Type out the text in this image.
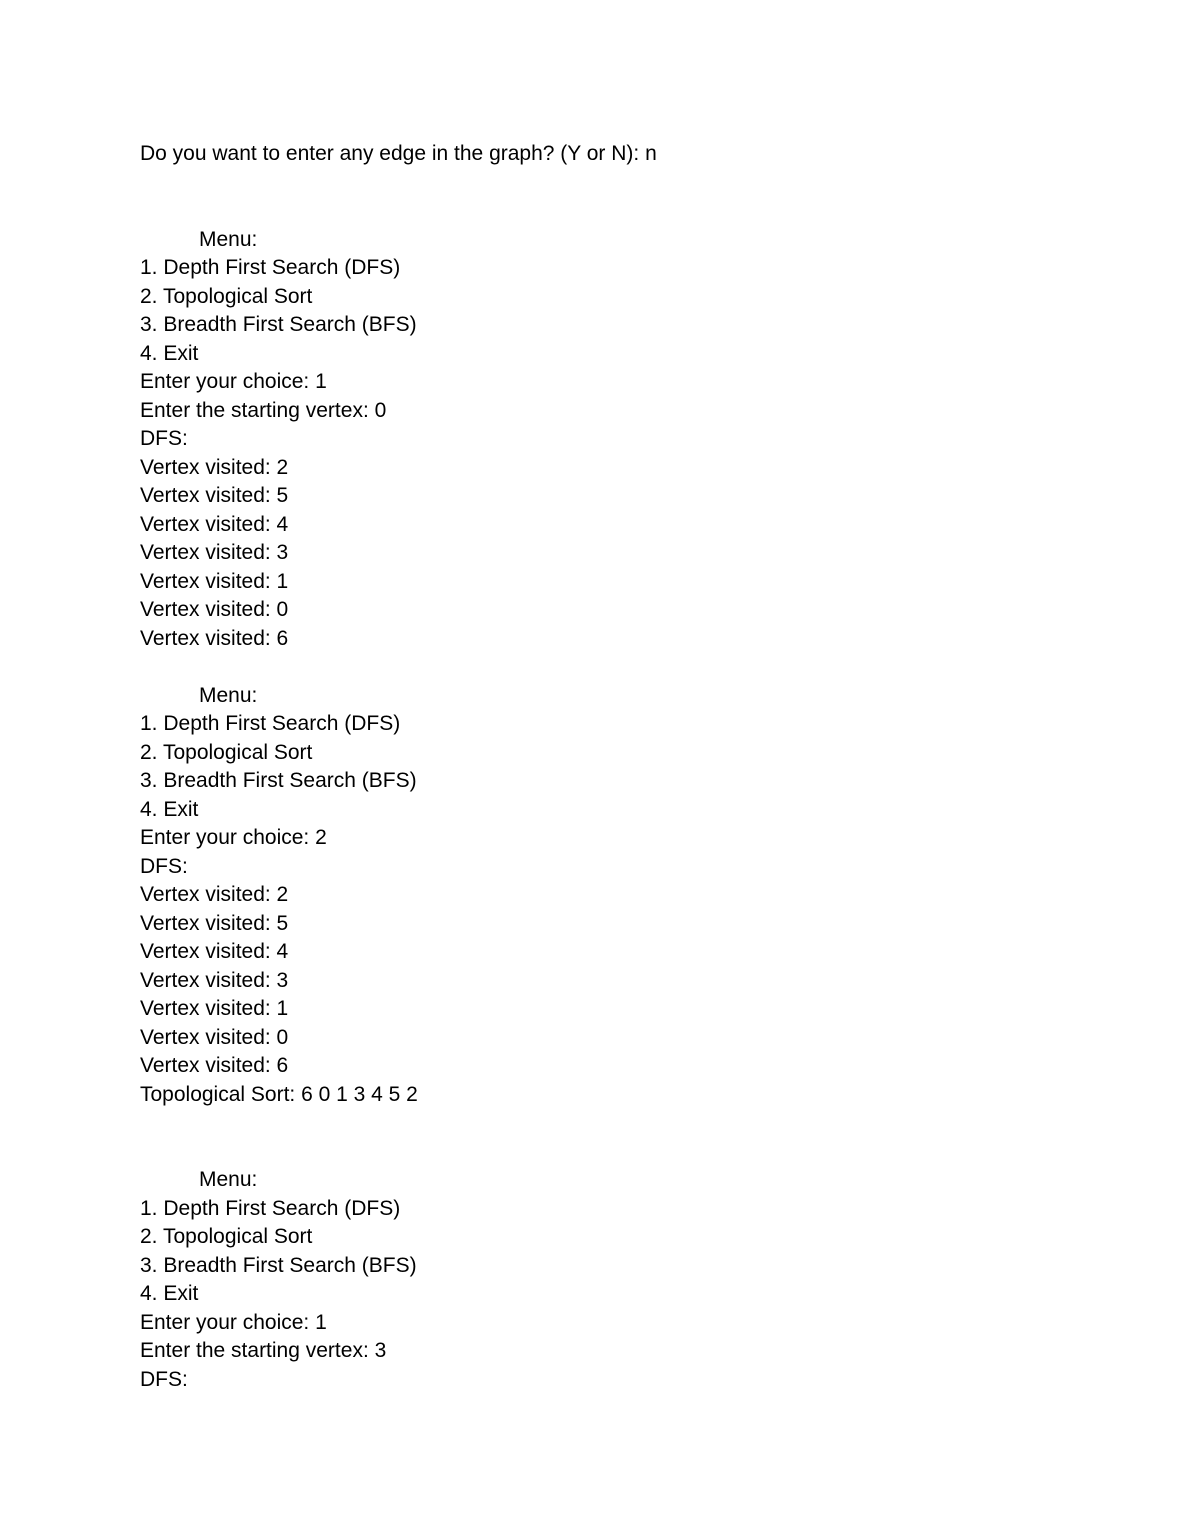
Do you want to enter any edge in the graph? (Y or N): n
Menu:
1. Depth First Search (DFS)
2. Topological Sort
3. Breadth First Search (BFS)
4. Exit
Enter your choice: 1
Enter the starting vertex: 0
DFS:
Vertex visited: 2
Vertex visited: 5
Vertex visited: 4
Vertex visited: 3
Vertex visited: 1
Vertex visited: 0
Vertex visited: 6
Menu:
1. Depth First Search (DFS)
2. Topological Sort
3. Breadth First Search (BFS)
4. Exit
Enter your choice: 2
DFS:
Vertex visited: 2
Vertex visited: 5
Vertex visited: 4
Vertex visited: 3
Vertex visited: 1
Vertex visited: 0
Vertex visited: 6
Topological Sort: 6 0 1 3 4 5 2
Menu:
1. Depth First Search (DFS)
2. Topological Sort
3. Breadth First Search (BFS)
4. Exit
Enter your choice: 1
Enter the starting vertex: 3
DFS:
